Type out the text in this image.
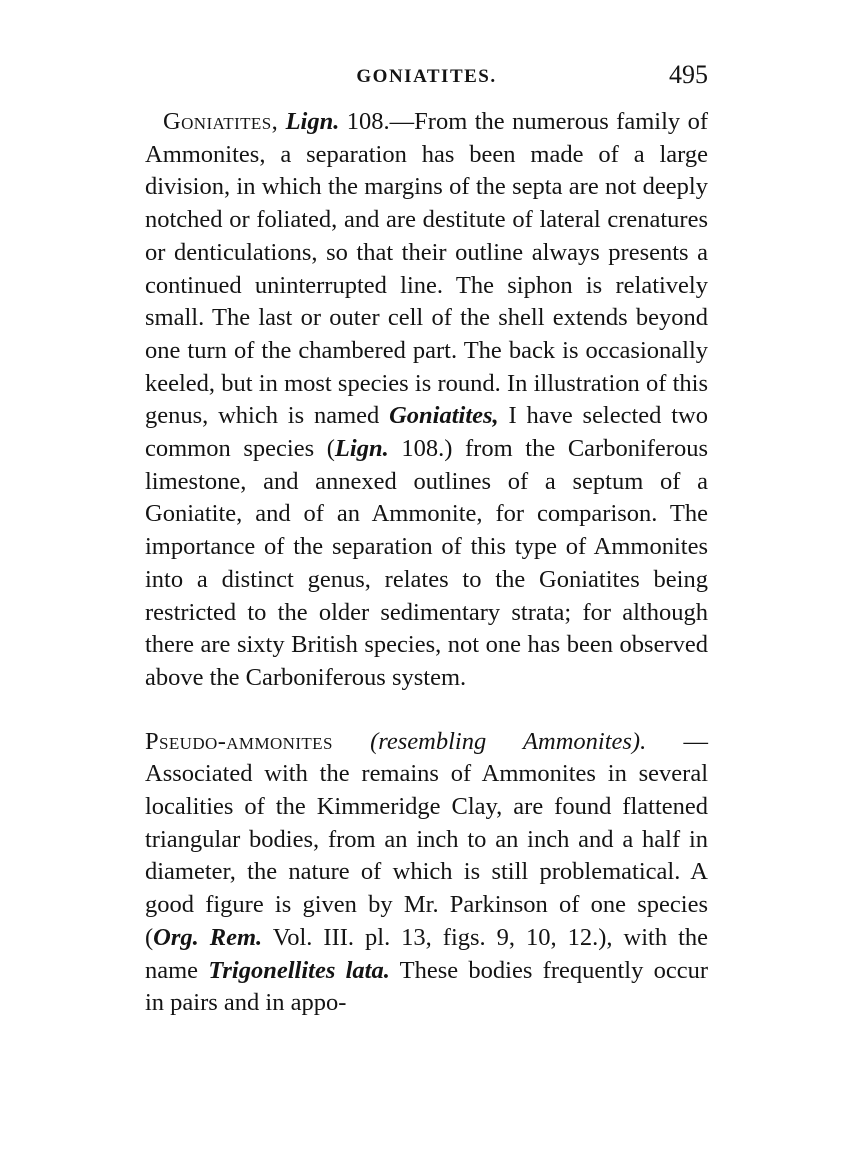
GONIATITES.	495

Goniatites, Lign. 108.—From the numerous family of Ammonites, a separation has been made of a large division, in which the margins of the septa are not deeply notched or foliated, and are destitute of lateral crenatures or denticulations, so that their outline always presents a continued uninterrupted line. The siphon is relatively small. The last or outer cell of the shell extends beyond one turn of the chambered part. The back is occasionally keeled, but in most species is round. In illustration of this genus, which is named Goniatites, I have selected two common species (Lign. 108.) from the Carboniferous limestone, and annexed outlines of a septum of a Goniatite, and of an Ammonite, for comparison. The importance of the separation of this type of Ammonites into a distinct genus, relates to the Goniatites being restricted to the older sedimentary strata; for although there are sixty British species, not one has been observed above the Carboniferous system.

Pseudo-ammonites (resembling Ammonites). — Associated with the remains of Ammonites in several localities of the Kimmeridge Clay, are found flattened triangular bodies, from an inch to an inch and a half in diameter, the nature of which is still problematical. A good figure is given by Mr. Parkinson of one species (Org. Rem. Vol. III. pl. 13, figs. 9, 10, 12.), with the name Trigonellites lata. These bodies frequently occur in pairs and in appo-
